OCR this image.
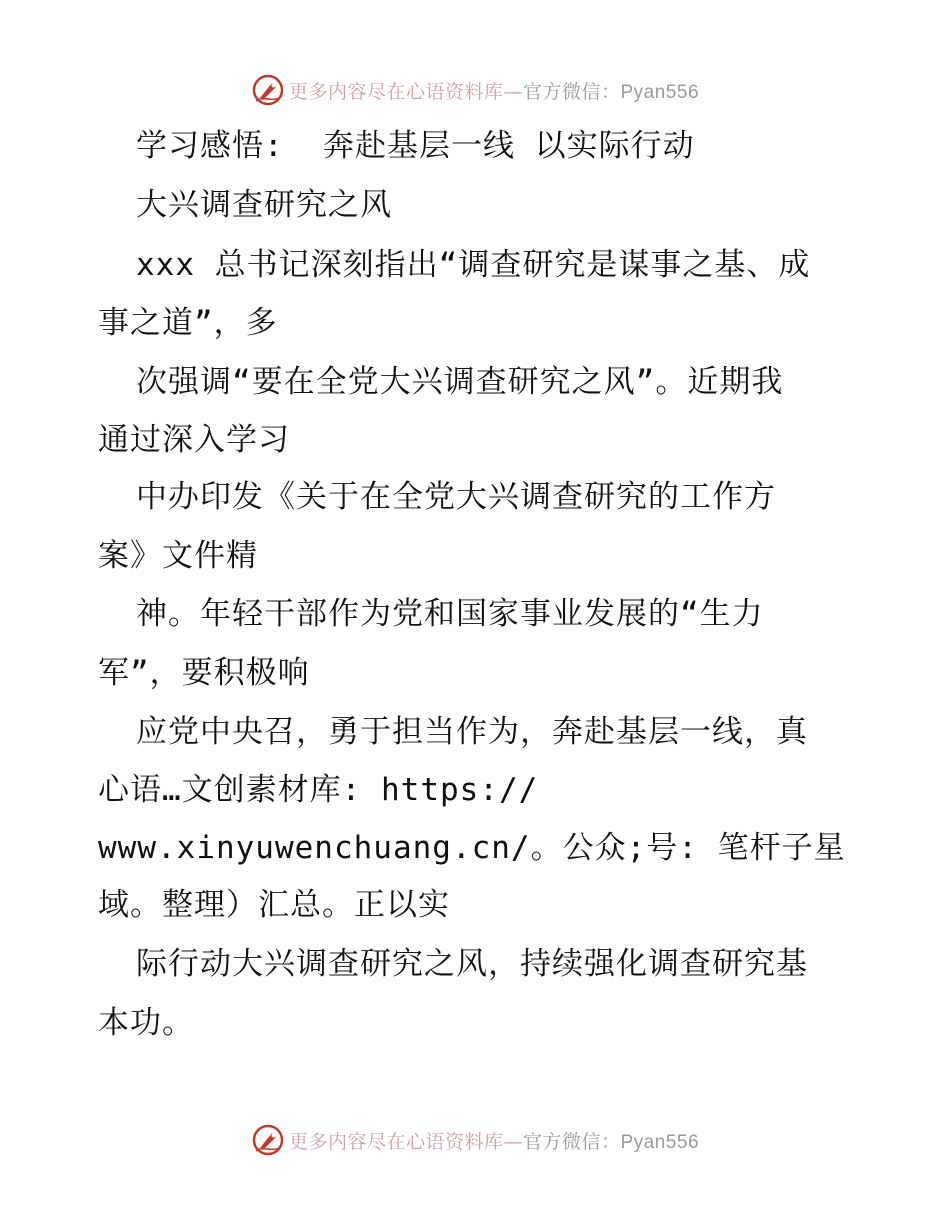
更多内容尽在心语资料库— 官方微信：Pyan556
学习感悟:  奔赴基层一线 以实际行动
大兴调查研究之风
xxx 总书记深刻指出“调查研究是谋事之基、成
事之道”，多
次强调“要在全党大兴调查研究之风”。近期我
通过深入学习
中办印发《关于在全党大兴调查研究的工作方
案》文件精
神。年轻干部作为党和国家事业发展的“生力
军”，要积极响
应党中央召，勇于担当作为，奔赴基层一线，真
心语…文创素材库: https://
www.xinyuwenchuang.cn/。公众;号: 笔杆子星
域。整理）汇总。正以实
际行动大兴调查研究之风，持续强化调查研究基
本功。
更多内容尽在心语资料库— 官方微信：Pyan556
